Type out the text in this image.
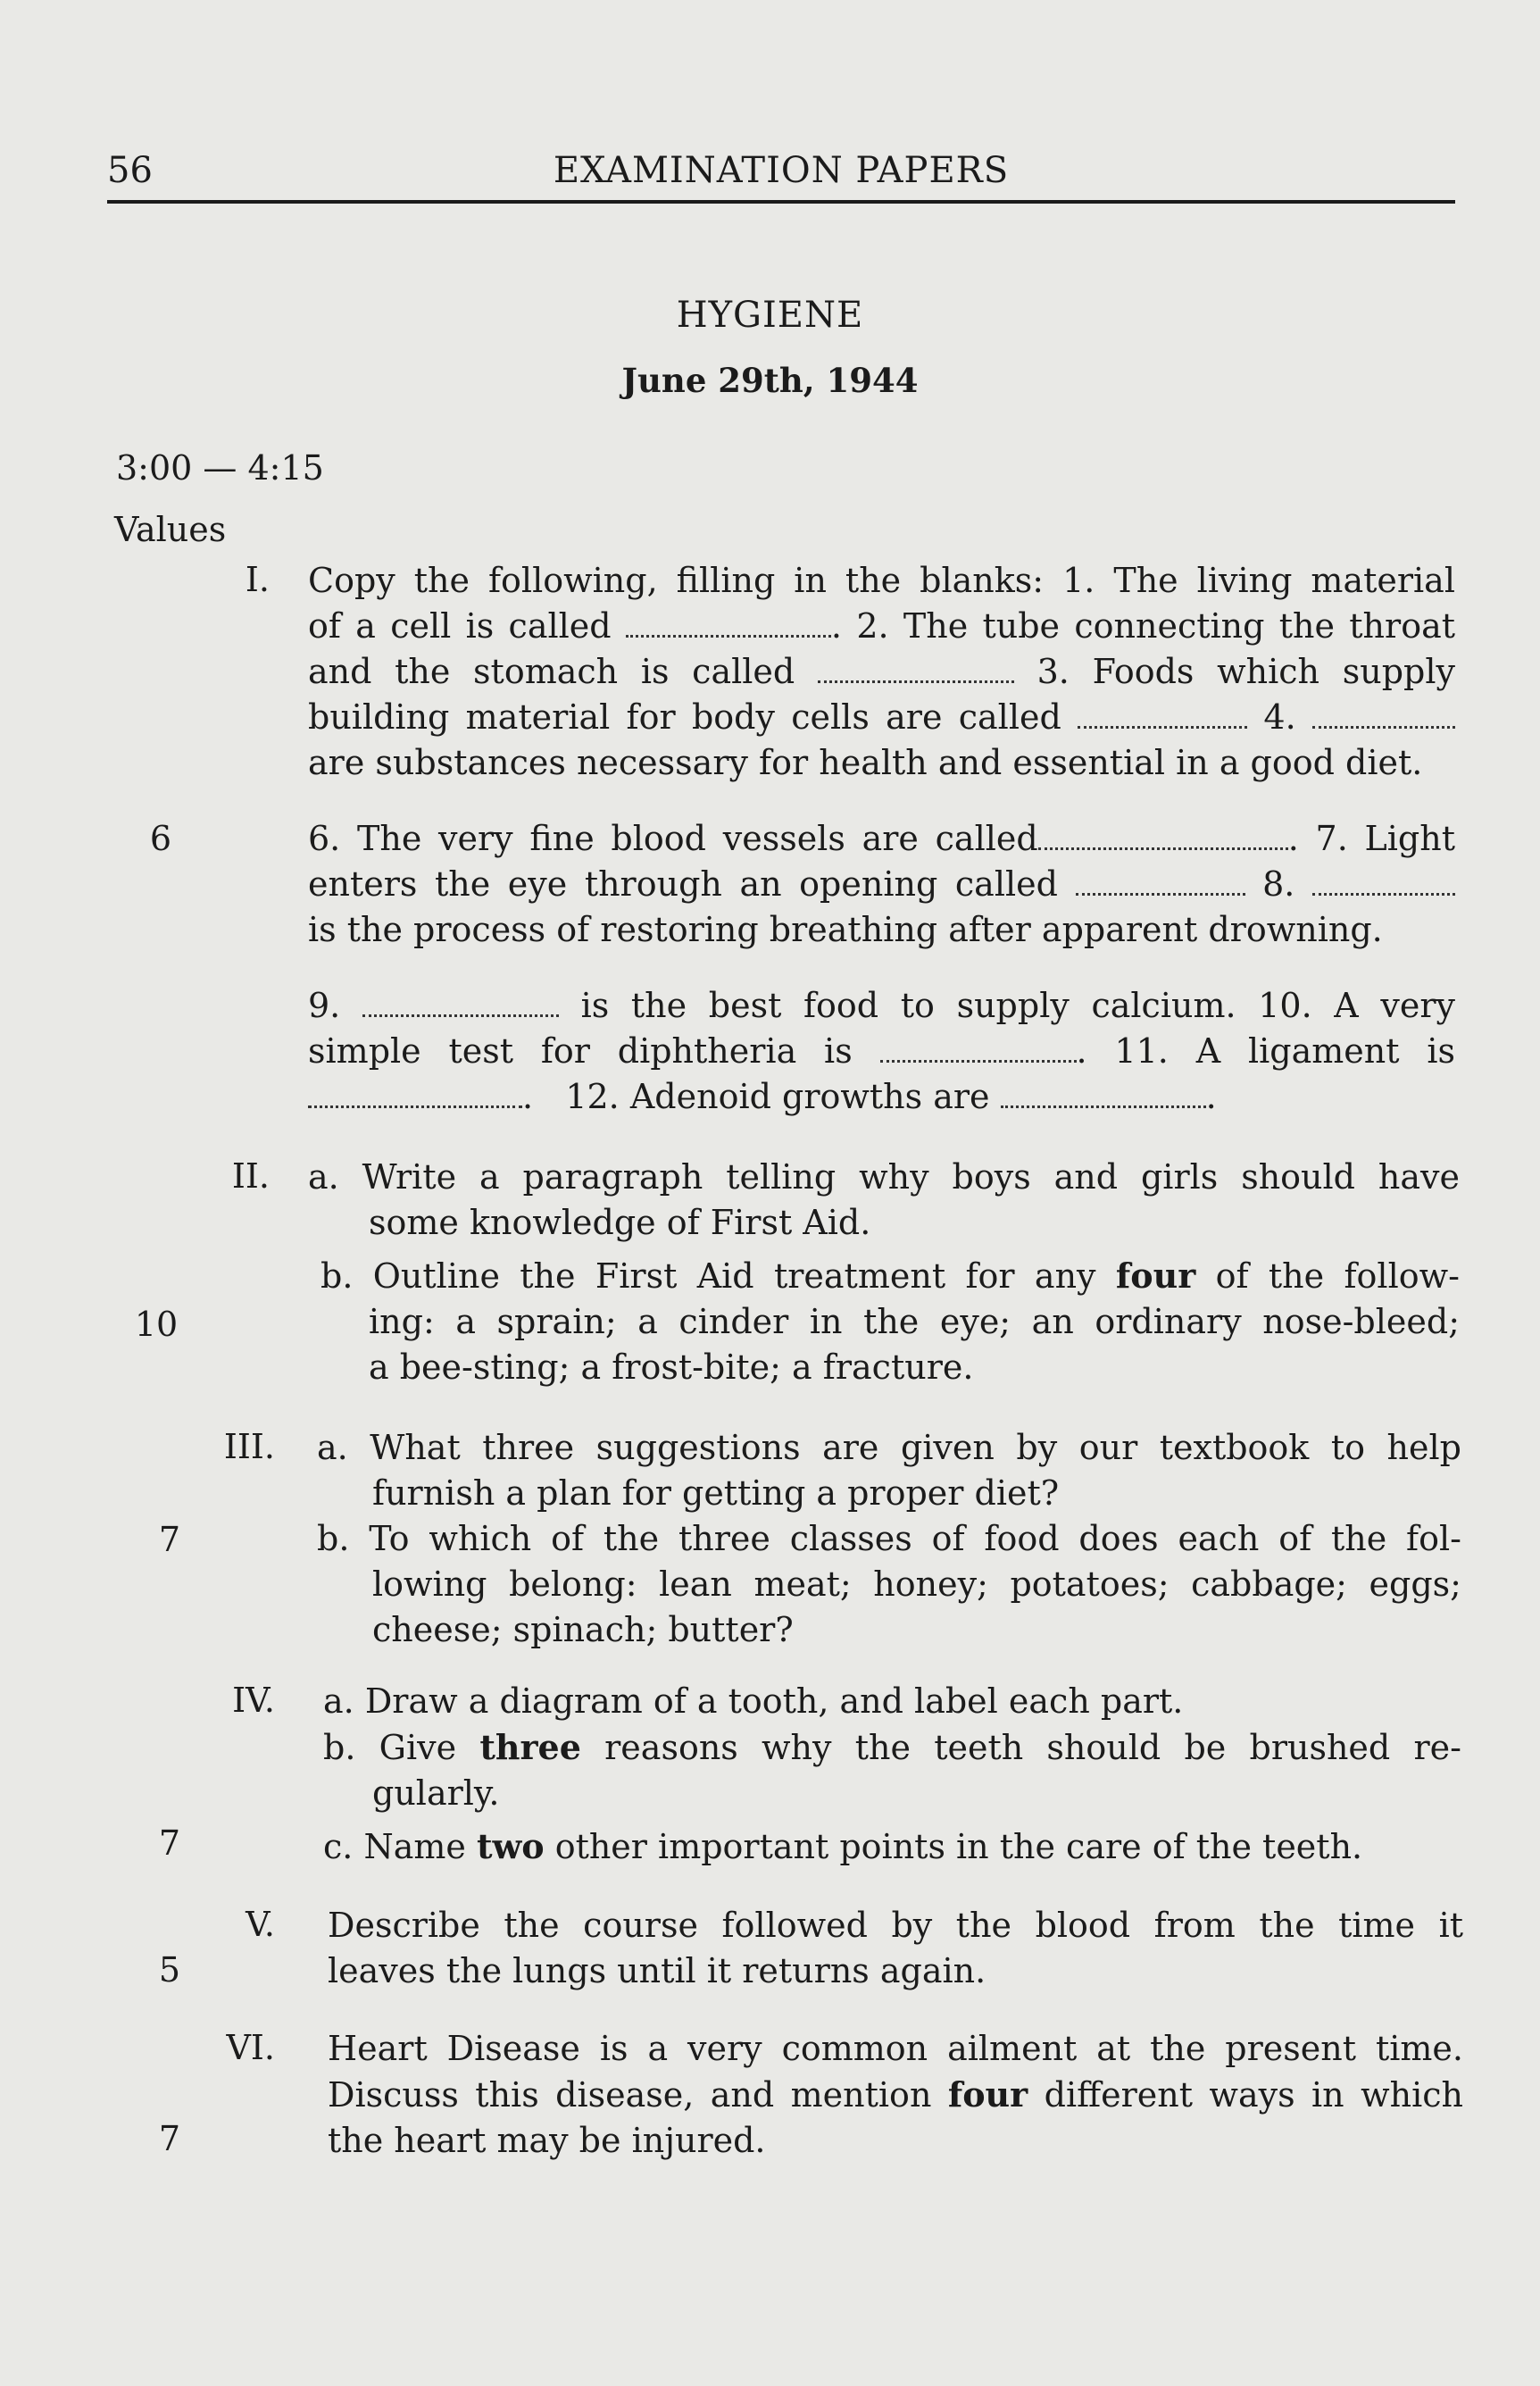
56	EXAMINATION PAPERS
HYGIENE
June 29th, 1944
3:00 — 4:15
Values
I. Copy the following, filling in the blanks: 1. The living material
of a cell is called	. 2. The tube connecting the throat
and the stomach is called	3. Foods which supply
building material for body cells are called	4.
are substances necessary for health and essential in a good diet.
6. The very fine blood vessels are called	. 7. Light
enters the eye through an opening called	8.
is the process of restoring breathing after apparent drowning.
9.	is the best food to supply calcium. 10. A very
simple test for diphtheria is	. 11. A ligament is
.   12. Adenoid growths are	.
6
II. a. Write a paragraph telling why boys and girls should have
some knowledge of First Aid.
b. Outline the First Aid treatment for any four of the follow-
ing: a sprain; a cinder in the eye; an ordinary nose-bleed;
a bee-sting; a frost-bite; a fracture.
10
III. a. What three suggestions are given by our textbook to help
furnish a plan for getting a proper diet?
b. To which of the three classes of food does each of the fol-
lowing belong: lean meat; honey; potatoes; cabbage; eggs;
cheese; spinach; butter?
7
IV. a. Draw a diagram of a tooth, and label each part.
b. Give three reasons why the teeth should be brushed re-
gularly.
c. Name two other important points in the care of the teeth.
7
V. Describe the course followed by the blood from the time it
leaves the lungs until it returns again.
5
VI. Heart Disease is a very common ailment at the present time.
Discuss this disease, and mention four different ways in which
the heart may be injured.
7
